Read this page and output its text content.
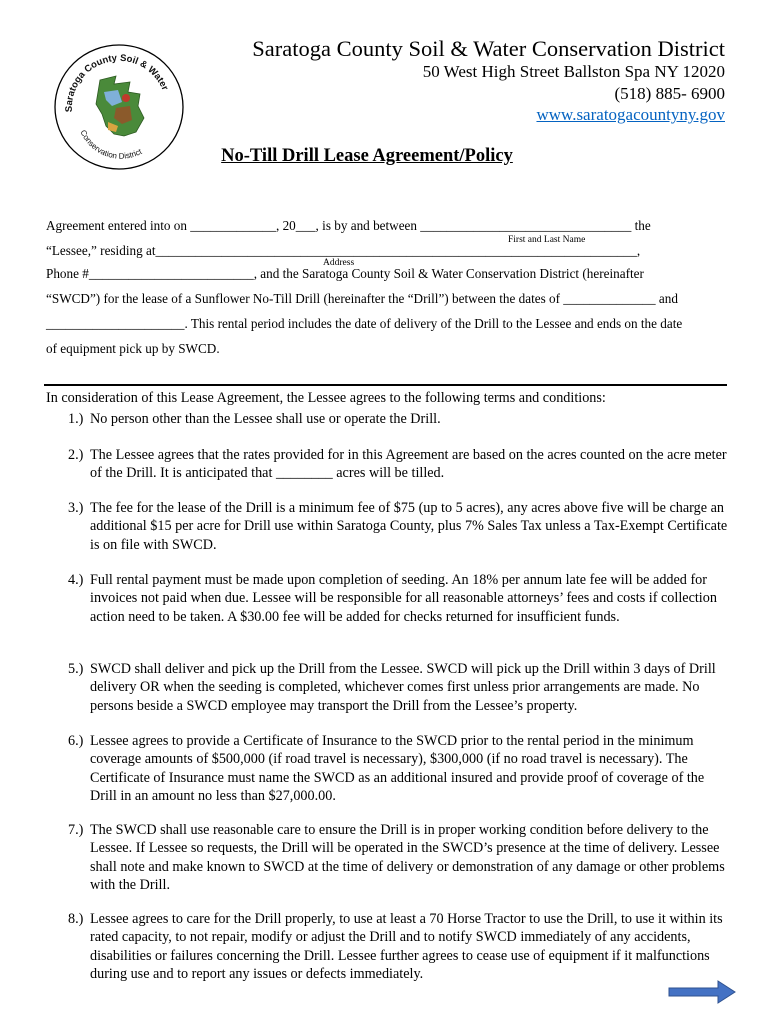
Saratoga County Soil & Water
Conservation District
Saratoga County Soil & Water Conservation District
50 West High Street Ballston Spa NY 12020
(518) 885- 6900
www.saratogacountyny.gov
No-Till Drill Lease Agreement/Policy
Agreement entered into on _____________, 20___, is by and between ________________________________ the
First and Last Name
“Lessee,” residing at_________________________________________________________________________,
Address
Phone #_________________________, and the Saratoga County Soil & Water Conservation District (hereinafter
“SWCD”) for the lease of a Sunflower No-Till Drill (hereinafter the “Drill”) between the dates of ______________ and
_____________________. This rental period includes the date of delivery of the Drill to the Lessee and ends on the date
of equipment pick up by SWCD.
In consideration of this Lease Agreement, the Lessee agrees to the following terms and conditions:
1.) No person other than the Lessee shall use or operate the Drill.
2.) The Lessee agrees that the rates provided for in this Agreement are based on the acres counted on the acre meter of the Drill. It is anticipated that ________ acres will be tilled.
3.) The fee for the lease of the Drill is a minimum fee of $75 (up to 5 acres), any acres above five will be charge an additional $15 per acre for Drill use within Saratoga County, plus 7% Sales Tax unless a Tax-Exempt Certificate is on file with SWCD.
4.) Full rental payment must be made upon completion of seeding. An 18% per annum late fee will be added for invoices not paid when due. Lessee will be responsible for all reasonable attorneys’ fees and costs if collection action need to be taken. A $30.00 fee will be added for checks returned for insufficient funds.
5.) SWCD shall deliver and pick up the Drill from the Lessee. SWCD will pick up the Drill within 3 days of Drill delivery OR when the seeding is completed, whichever comes first unless prior arrangements are made. No persons beside a SWCD employee may transport the Drill from the Lessee’s property.
6.) Lessee agrees to provide a Certificate of Insurance to the SWCD prior to the rental period in the minimum coverage amounts of $500,000 (if road travel is necessary), $300,000 (if no road travel is necessary). The Certificate of Insurance must name the SWCD as an additional insured and provide proof of coverage of the Drill in an amount no less than $27,000.00.
7.) The SWCD shall use reasonable care to ensure the Drill is in proper working condition before delivery to the Lessee. If Lessee so requests, the Drill will be operated in the SWCD’s presence at the time of delivery. Lessee shall note and make known to SWCD at the time of delivery or demonstration of any damage or other problems with the Drill.
8.) Lessee agrees to care for the Drill properly, to use at least a 70 Horse Tractor to use the Drill, to use it within its rated capacity, to not repair, modify or adjust the Drill and to notify SWCD immediately of any accidents, disabilities or failures concerning the Drill. Lessee further agrees to cease use of equipment if it malfunctions during use and to report any issues or defects immediately.
